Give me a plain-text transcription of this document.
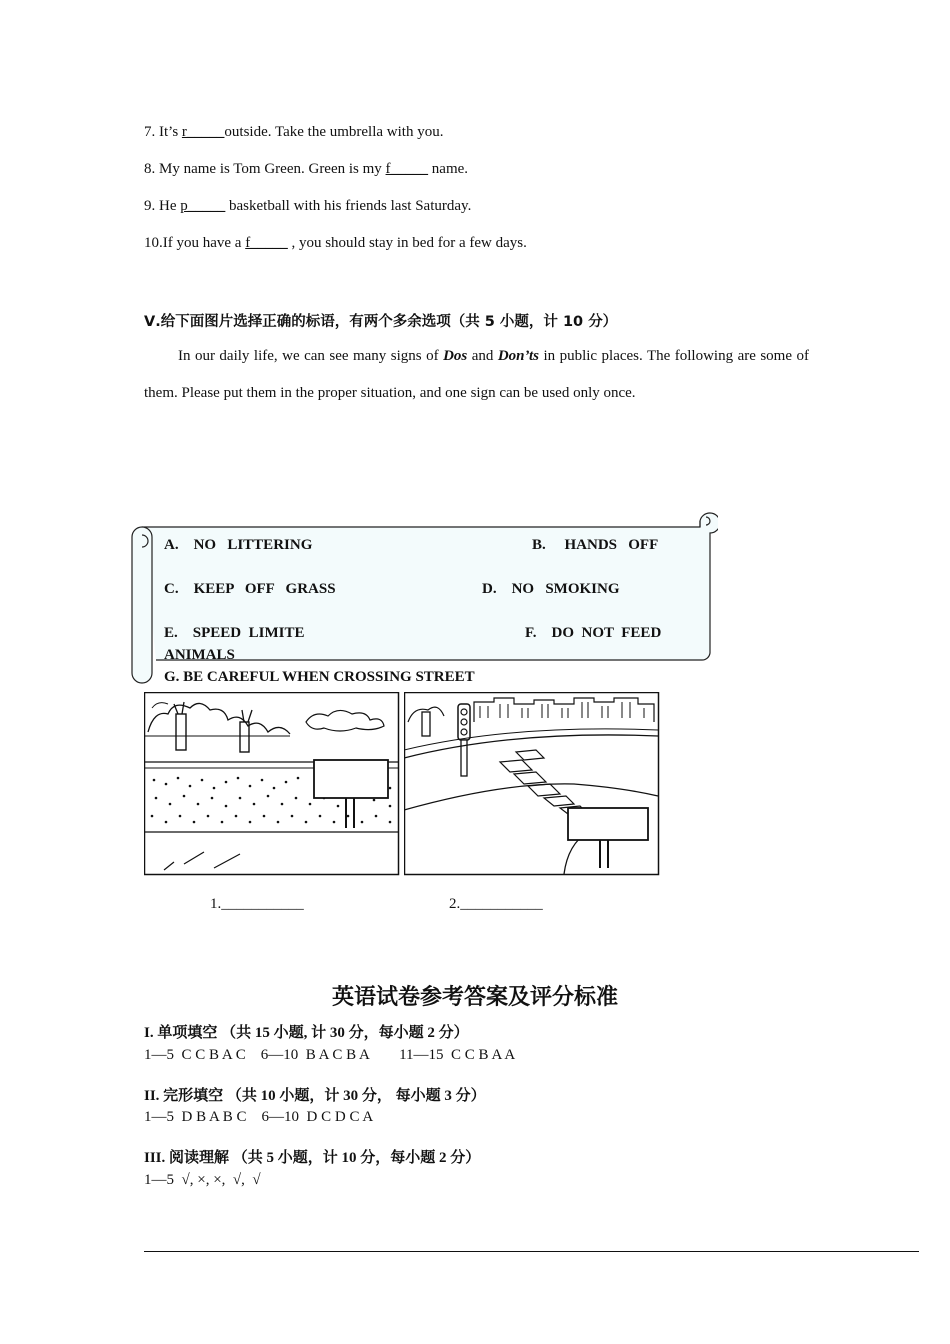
7. It’s r_____outside. Take the umbrella with you.
8. My name is Tom Green. Green is my f_____ name.
9. He p_____ basketball with his friends last Saturday.
10.If you have a f_____ , you should stay in bed for a few days.
Ⅴ.给下面图片选择正确的标语，有两个多余选项（共 5 小题，计 10 分）
In our daily life, we can see many signs of Dos and Don’ts in public places. The following are some of them. Please put them in the proper situation, and one sign can be used only once.
A.    NO   LITTERING	B.     HANDS   OFF
C.    KEEP   OFF   GRASS	D.    NO   SMOKING
E.    SPEED  LIMITE	F.    DO  NOT  FEED
ANIMALS
G. BE CAREFUL WHEN CROSSING STREET
1.___________	2.___________
英语试卷参考答案及评分标准
I. 单项填空 （共 15 小题, 计 30 分，每小题 2 分）
1—5  C C B A C    6—10  B A C B A        11—15  C C B A A
II. 完形填空 （共 10 小题，计 30 分， 每小题 3 分）
1—5  D B A B C    6—10  D C D C A
III. 阅读理解 （共 5 小题，计 10 分，每小题 2 分）
1—5  √, ×, ×,  √,  √
